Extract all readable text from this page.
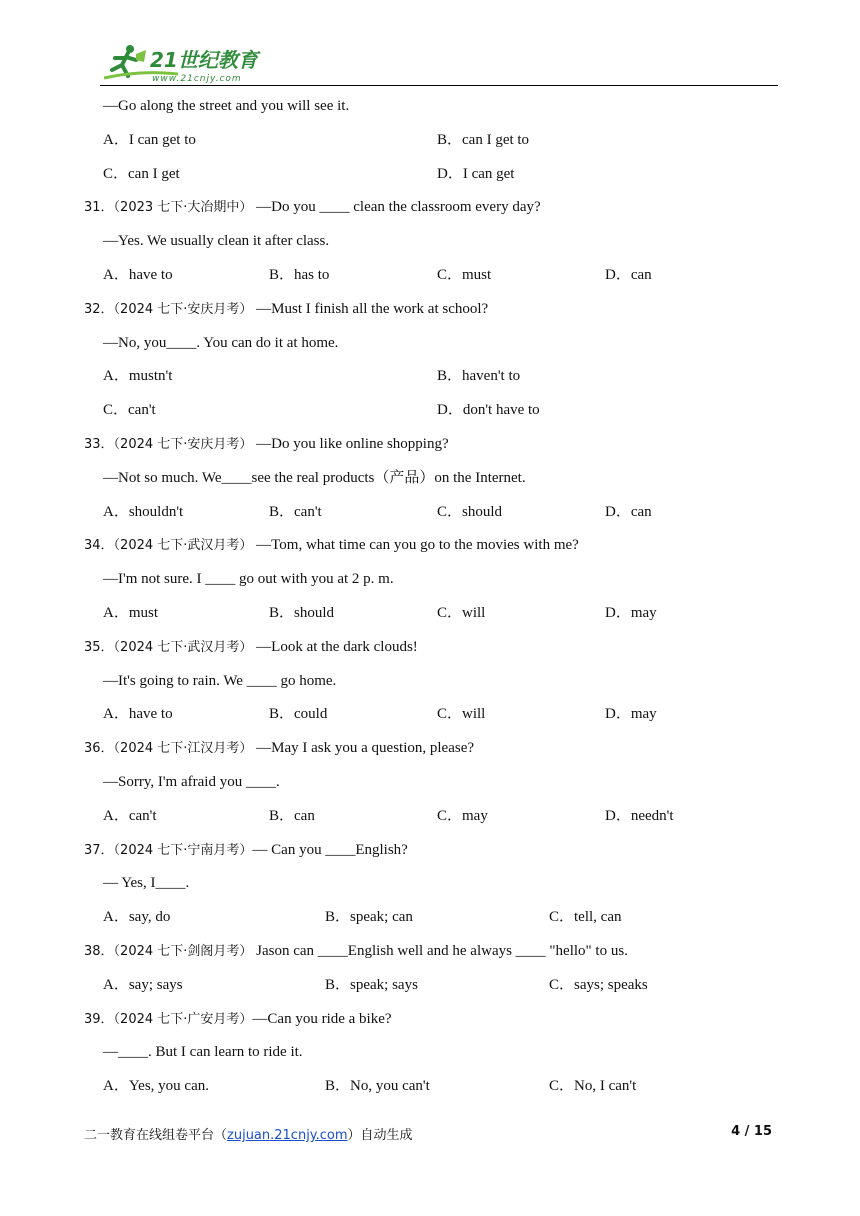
21世纪教育
www.21cnjy.com
—Go along the street and you will see it.
A．I can get to	B．can I get to
C．can I get	D．I can get
31．（2023 七下·大冶期中） —Do you ____ clean the classroom every day?
—Yes. We usually clean it after class.
A．have to	B．has to	C．must	D．can
32．（2024 七下·安庆月考） —Must I finish all the work at school?
—No, you____. You can do it at home.
A．mustn't	B．haven't to
C．can't	D．don't have to
33．（2024 七下·安庆月考） —Do you like online shopping?
—Not so much. We____see the real products（产品）on the Internet.
A．shouldn't	B．can't	C．should	D．can
34．（2024 七下·武汉月考） —Tom, what time can you go to the movies with me?
—I'm not sure. I ____ go out with you at 2 p. m.
A．must	B．should	C．will	D．may
35．（2024 七下·武汉月考） —Look at the dark clouds!
—It's going to rain. We ____ go home.
A．have to	B．could	C．will	D．may
36．（2024 七下·江汉月考） —May I ask you a question, please?
—Sorry, I'm afraid you ____.
A．can't	B．can	C．may	D．needn't
37．（2024 七下·宁南月考）— Can you ____English?
— Yes, I____.
A．say, do	B．speak; can	C．tell, can
38．（2024 七下·剑阁月考） Jason can ____English well and he always ____ "hello" to us.
A．say; says	B．speak; says	C．says; speaks
39．（2024 七下·广安月考）—Can you ride a bike?
—____. But I can learn to ride it.
A．Yes, you can.	B．No, you can't	C．No, I can't
二一教育在线组卷平台（zujuan.21cnjy.com）自动生成	4 / 15
